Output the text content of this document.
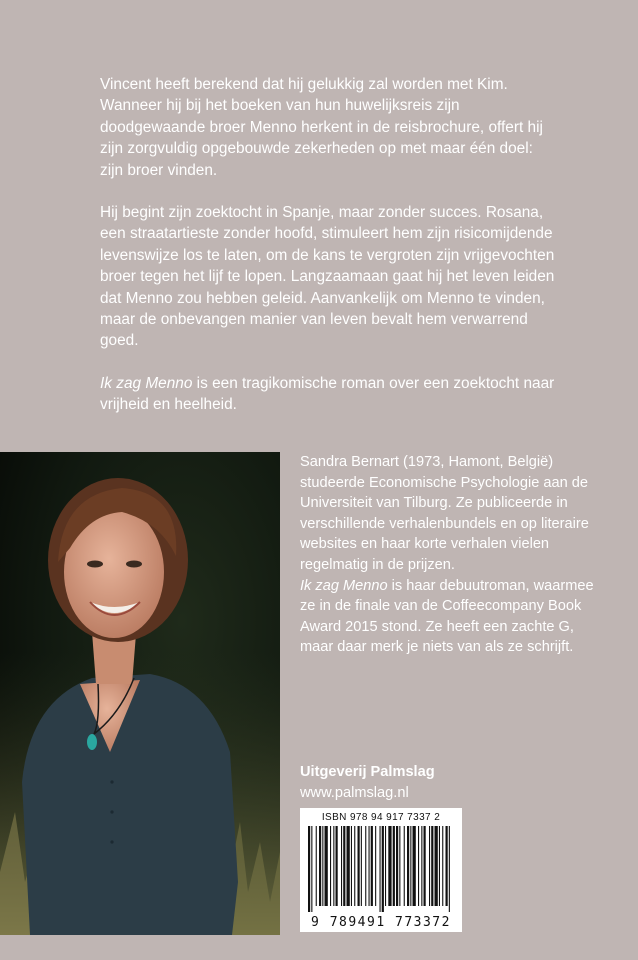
Vincent heeft berekend dat hij gelukkig zal worden met Kim. Wanneer hij bij het boeken van hun huwelijksreis zijn doodgewaande broer Menno herkent in de reisbrochure, offert hij zijn zorgvuldig opgebouwde zekerheden op met maar één doel: zijn broer vinden.

Hij begint zijn zoektocht in Spanje, maar zonder succes. Rosana, een straatartieste zonder hoofd, stimuleert hem zijn risicomijdende levenswijze los te laten, om de kans te vergroten zijn vrijgevochten broer tegen het lijf te lopen. Langzaamaan gaat hij het leven leiden dat Menno zou hebben geleid. Aanvankelijk om Menno te vinden, maar de onbevangen manier van leven bevalt hem verwarrend goed.

Ik zag Menno is een tragikomische roman over een zoektocht naar vrijheid en heelheid.

Sandra Bernart (1973, Hamont, België) studeerde Economische Psychologie aan de Universiteit van Tilburg. Ze publiceerde in verschillende verhalenbundels en op literaire websites en haar korte verhalen vielen regelmatig in de prijzen.
Ik zag Menno is haar debuutroman, waarmee ze in de finale van de Coffeecompany Book Award 2015 stond. Ze heeft een zachte G, maar daar merk je niets van als ze schrijft.

Uitgeverij Palmslag
www.palmslag.nl
ISBN 978 94 917 7337 2
9 789491 773372
